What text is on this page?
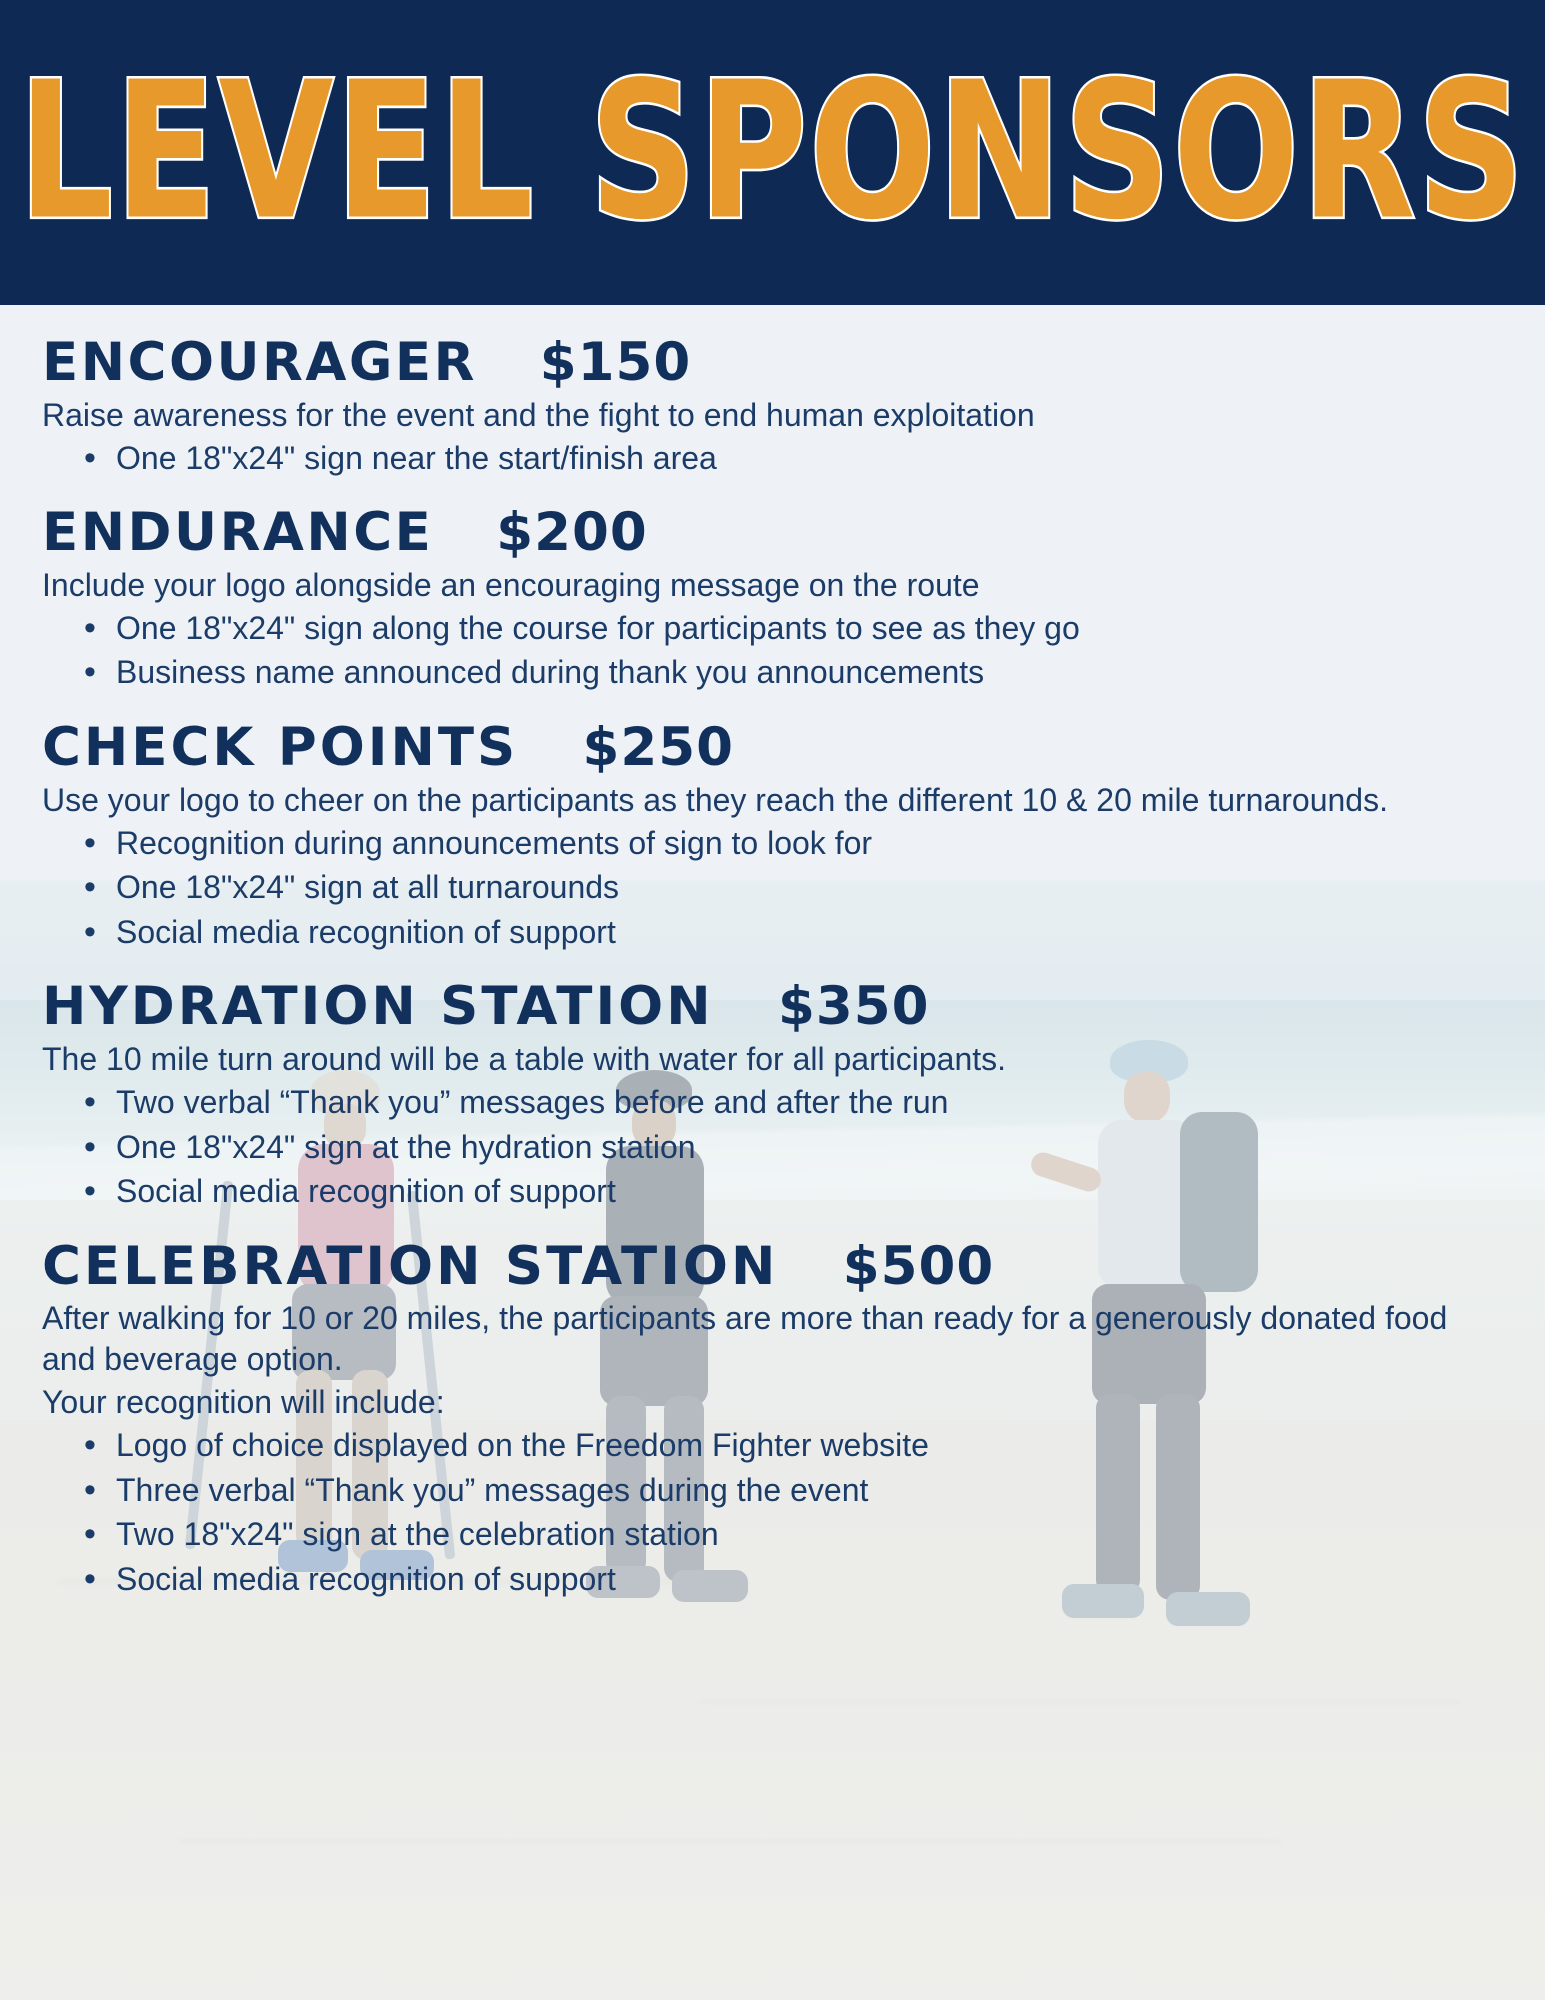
LEVEL SPONSORS
ENCOURAGER $150

Raise awareness for the event and the fight to end human exploitation

• One 18"x24" sign near the start/finish area
ENDURANCE $200

Include your logo alongside an encouraging message on the route

• One 18"x24" sign along the course for participants to see as they go
• Business name announced during thank you announcements
CHECK POINTS $250

Use your logo to cheer on the participants as they reach the different 10 & 20 mile turnarounds.

• Recognition during announcements of sign to look for
• One 18"x24" sign at all turnarounds
• Social media recognition of support
HYDRATION STATION $350

The 10 mile turn around will be a table with water for all participants.

• Two verbal “Thank you” messages before and after the run
• One 18"x24" sign at the hydration station
• Social media recognition of support
CELEBRATION STATION $500

After walking for 10 or 20 miles, the participants are more than ready for a generously donated food and beverage option.

Your recognition will include:

• Logo of choice displayed on the Freedom Fighter website
• Three verbal “Thank you” messages during the event
• Two 18"x24" sign at the celebration station
• Social media recognition of support
